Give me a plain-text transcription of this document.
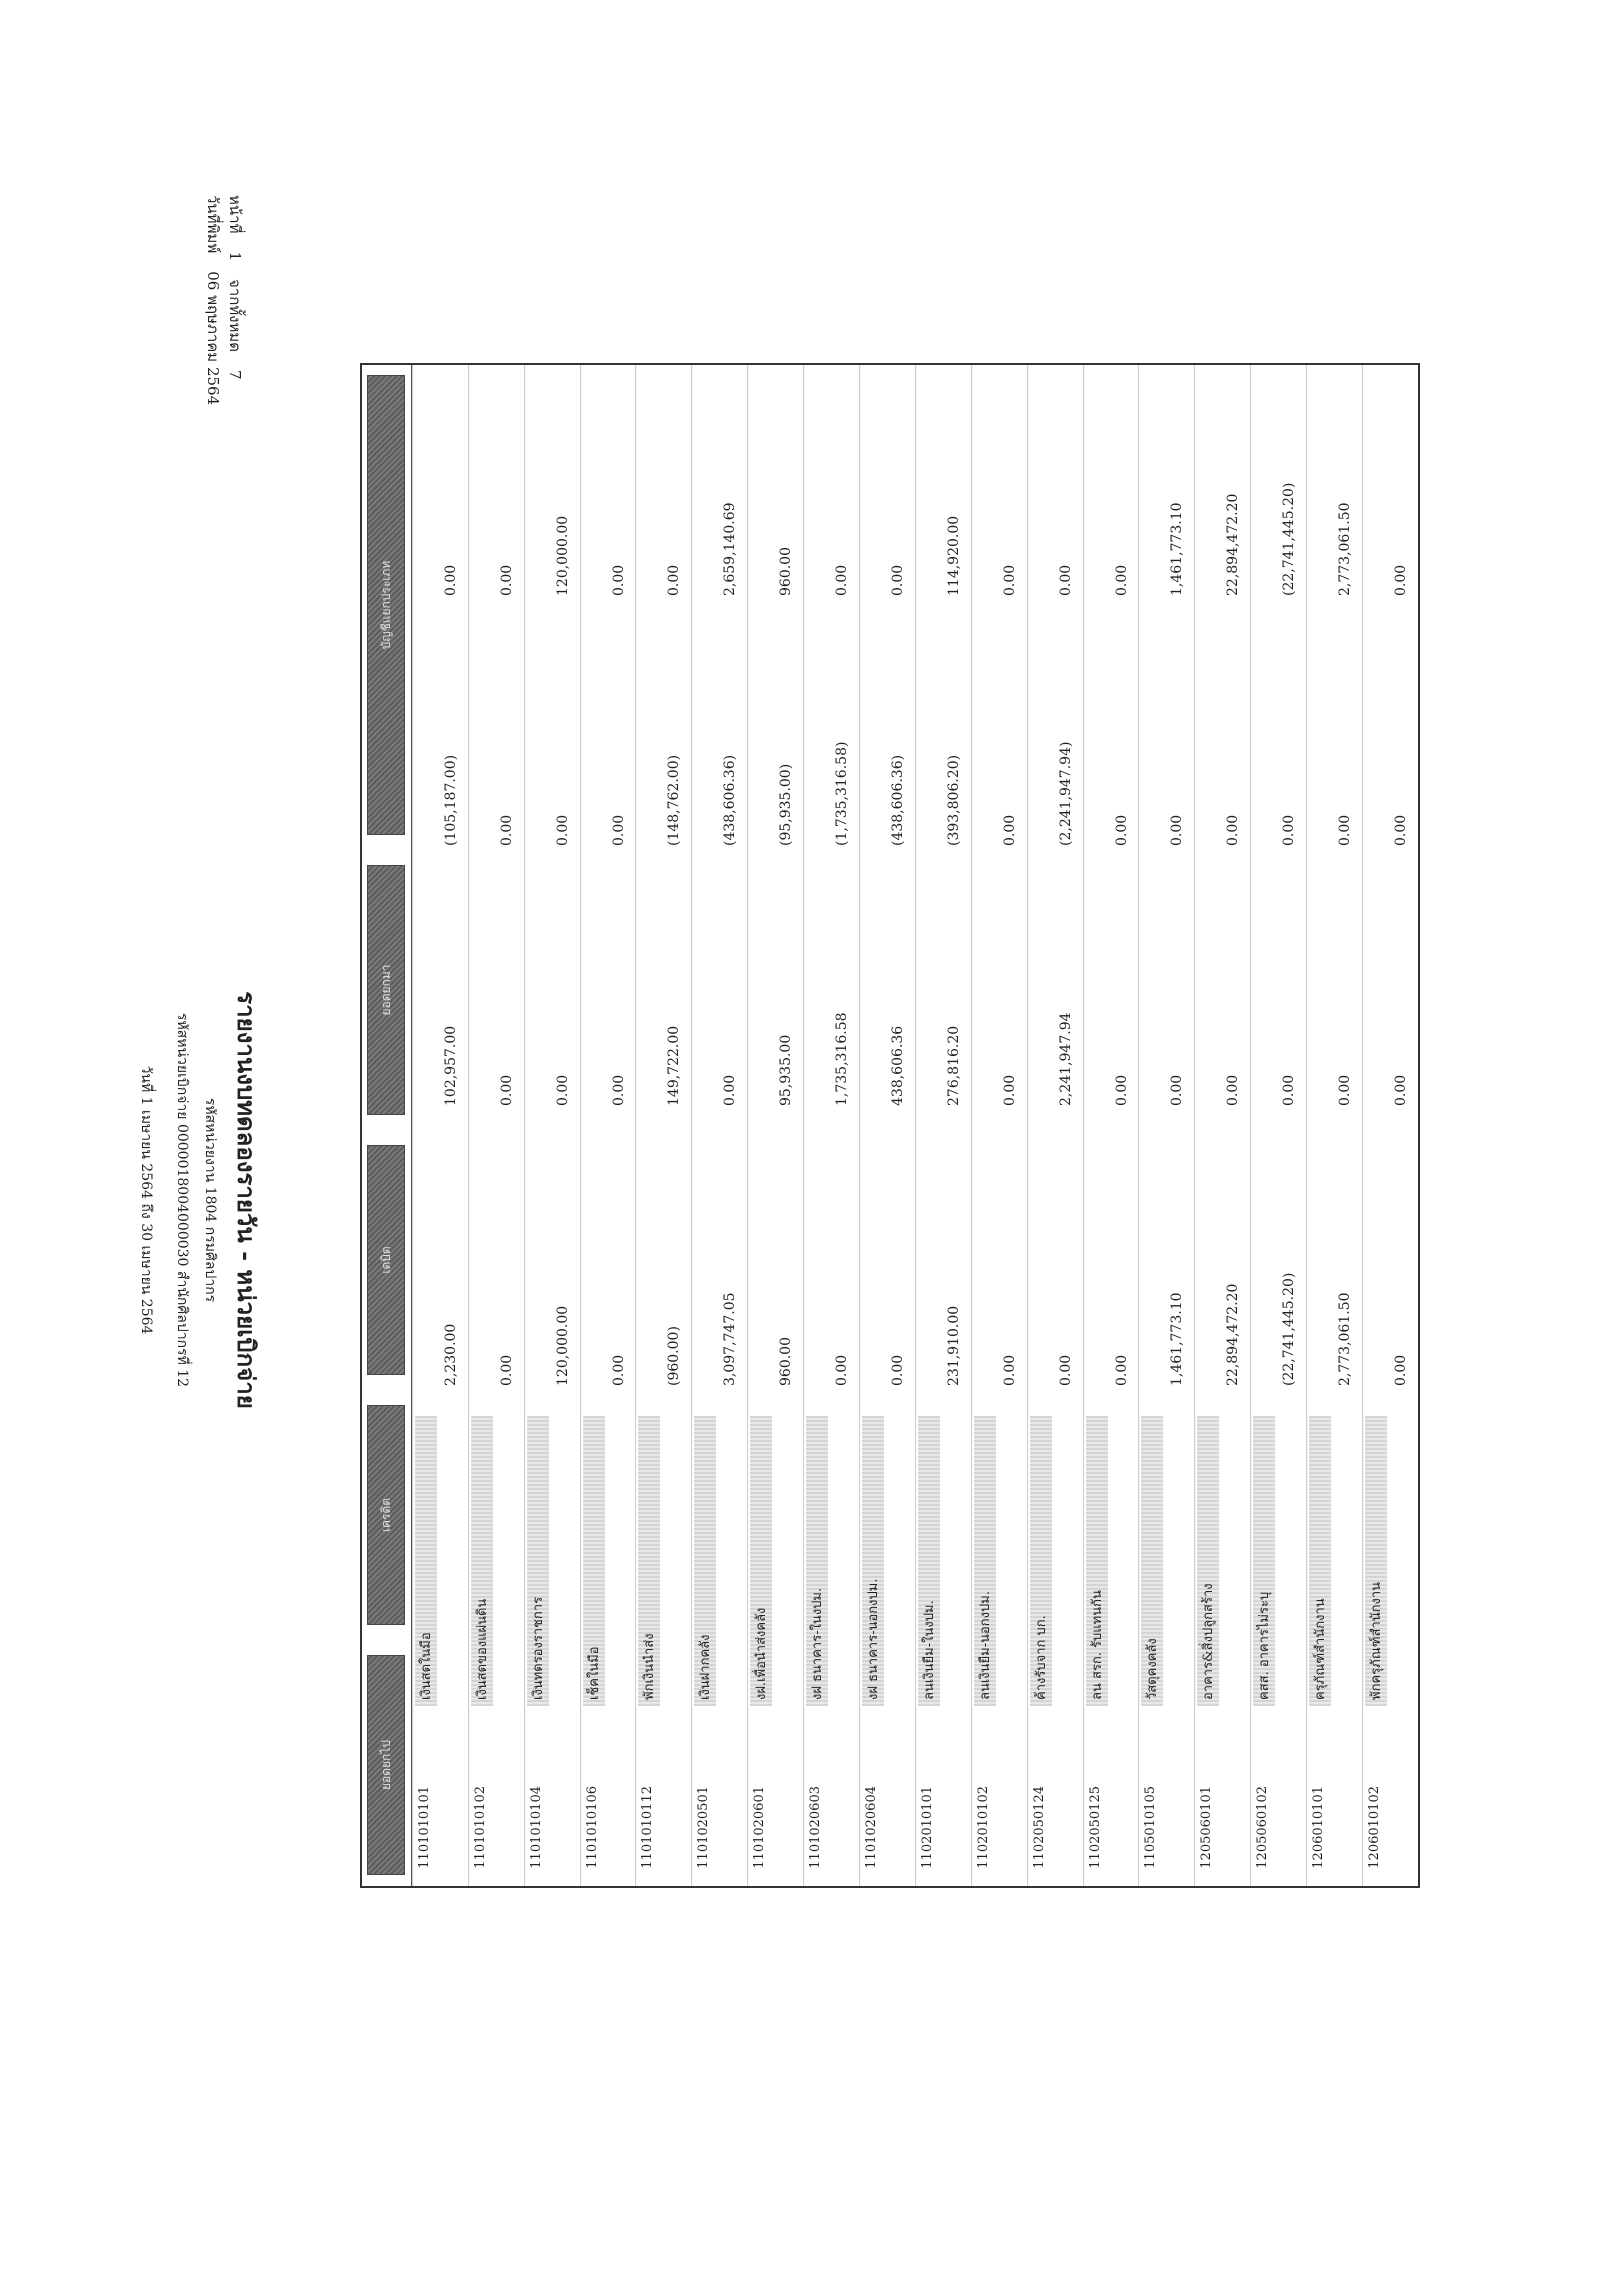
หน้าที่
1
จากทั้งหมด
7
วันที่พิมพ์
06 พฤษภาคม 2564
รายงานงบทดลองรายวัน - หน่วยเบิกจ่าย
รหัสหน่วยงาน 1804 กรมศิลปากร
รหัสหน่วยเบิกจ่าย 0000018004000030 สำนักศิลปากรที่ 12
วันที่ 1 เมษายน 2564 ถึง 30 เมษายน 2564
บัญชีแยกประเภท
ยอดยกมา
เดบิต
เครดิต
ยอดยกไป
1101010101
เงินสดในมือ
2,230.00
102,957.00
(105,187.00)
0.00
1101010102
เงินสดของแผ่นดิน
0.00
0.00
0.00
0.00
1101010104
เงินทดรองราชการ
120,000.00
0.00
0.00
120,000.00
1101010106
เช็คในมือ
0.00
0.00
0.00
0.00
1101010112
พักเงินนำส่ง
(960.00)
149,722.00
(148,762.00)
0.00
1101020501
เงินฝากคลัง
3,097,747.05
0.00
(438,606.36)
2,659,140.69
1101020601
งฝ.เพื่อนำส่งคลัง
960.00
95,935.00
(95,935.00)
960.00
1101020603
งฝ ธนาคาร-ในงปม.
0.00
1,735,316.58
(1,735,316.58)
0.00
1101020604
งฝ ธนาคาร-นอกงปม.
0.00
438,606.36
(438,606.36)
0.00
1102010101
ลนเงินยืม-ในงปม.
231,910.00
276,816.20
(393,806.20)
114,920.00
1102010102
ลนเงินยืม-นอกงปม.
0.00
0.00
0.00
0.00
1102050124
ค้างรับจาก บก.
0.00
2,241,947.94
(2,241,947.94)
0.00
1102050125
ลน สรก. รับแทนกัน
0.00
0.00
0.00
0.00
1105010105
วัสดุคงคลัง
1,461,773.10
0.00
0.00
1,461,773.10
1205060101
อาคาร&สิ่งปลูกสร้าง
22,894,472.20
0.00
0.00
22,894,472.20
1205060102
คสส. อาคารไม่ระบุ
(22,741,445.20)
0.00
0.00
(22,741,445.20)
1206010101
ครุภัณฑ์สำนักงาน
2,773,061.50
0.00
0.00
2,773,061.50
1206010102
พักครุภัณฑ์สำนักงาน
0.00
0.00
0.00
0.00
